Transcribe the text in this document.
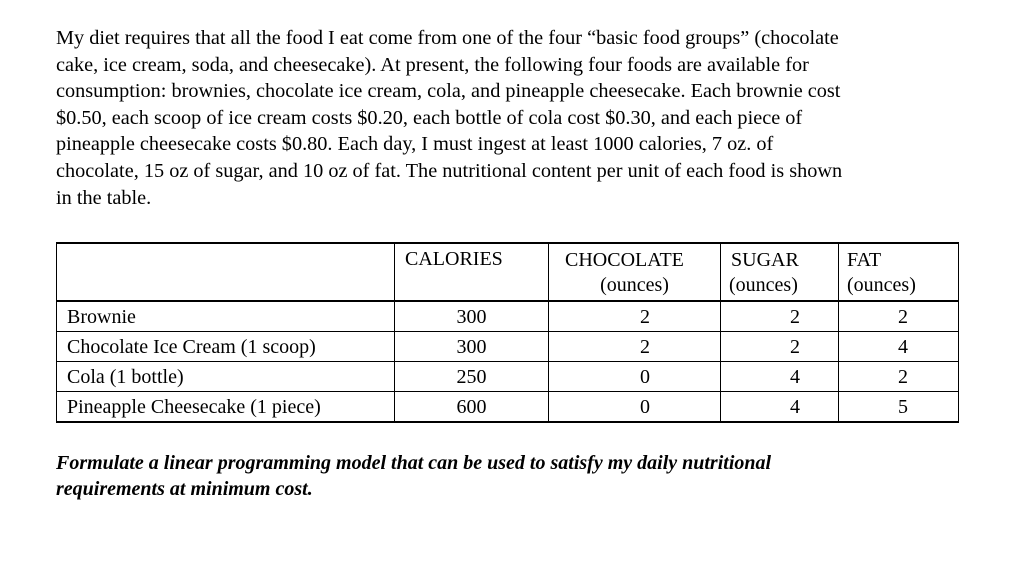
My diet requires that all the food I eat come from one of the four “basic food groups” (chocolate
cake, ice cream, soda, and cheesecake). At present, the following four foods are available for
consumption: brownies, chocolate ice cream, cola, and pineapple cheesecake. Each brownie cost
$0.50, each scoop of ice cream costs $0.20, each bottle of cola cost $0.30, and each piece of
pineapple cheesecake costs $0.80. Each day, I must ingest at least 1000 calories, 7 oz. of
chocolate, 15 oz of sugar, and 10 oz of fat. The nutritional content per unit of each food is shown
in the table.
	CALORIES	CHOCOLATE	SUGAR	FAT
		(ounces)	(ounces)	(ounces)
Brownie	300	2	2	2
Chocolate Ice Cream (1 scoop)	300	2	2	4
Cola (1 bottle)	250	0	4	2
Pineapple Cheesecake (1 piece)	600	0	4	5
Formulate a linear programming model that can be used to satisfy my daily nutritional
requirements at minimum cost.
